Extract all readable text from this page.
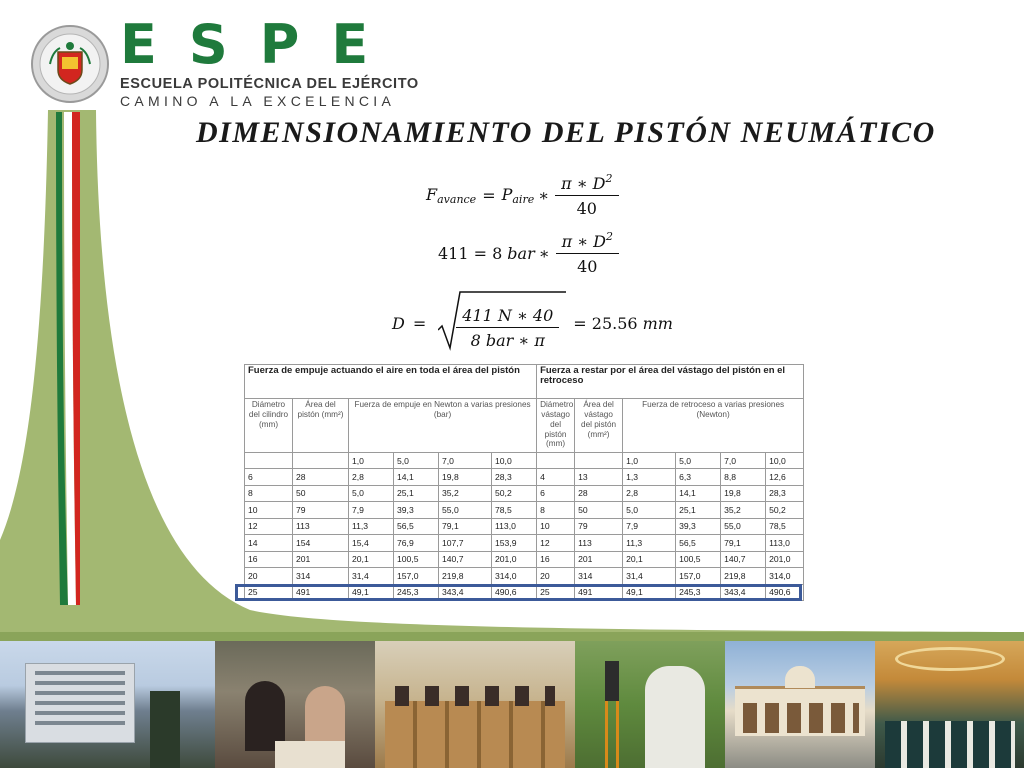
E S P E
ESCUELA POLITÉCNICA DEL EJÉRCITO
CAMINO A LA EXCELENCIA
DIMENSIONAMIENTO DEL PISTÓN NEUMÁTICO
$F_{avance} = P_{aire}$ ∗ $\frac{\pi ∗ D^2}{40}$
411 = 8 bar ∗ $\frac{\pi ∗ D^2}{40}$
$D = \frac{411 N ∗ 40}{\text{8 bar ∗ π}} = 25.56$ mm
Fuerza de empuje actuando el aire en toda el área del pistón						Fuerza a restar por el área del vástago del pistón en el retroceso					
Diámetro del cilindro (mm)	Área del pistón (mm²)	Fuerza de empuje en Newton a varias presiones (bar)				Diámetro vástago del pistón (mm)	Área del vástago del pistón (mm²)	Fuerza de retroceso a varias presiones (Newton)			
		1,0	5,0	7,0	10,0			1,0	5,0	7,0	10,0
6	28	2,8	14,1	19,8	28,3	4	13	1,3	6,3	8,8	12,6
8	50	5,0	25,1	35,2	50,2	6	28	2,8	14,1	19,8	28,3
10	79	7,9	39,3	55,0	78,5	8	50	5,0	25,1	35,2	50,2
12	113	11,3	56,5	79,1	113,0	10	79	7,9	39,3	55,0	78,5
14	154	15,4	76,9	107,7	153,9	12	113	11,3	56,5	79,1	113,0
16	201	20,1	100,5	140,7	201,0	16	201	20,1	100,5	140,7	201,0
20	314	31,4	157,0	219,8	314,0	20	314	31,4	157,0	219,8	314,0
25	491	49,1	245,3	343,4	490,6	25	491	49,1	245,3	343,4	490,6
